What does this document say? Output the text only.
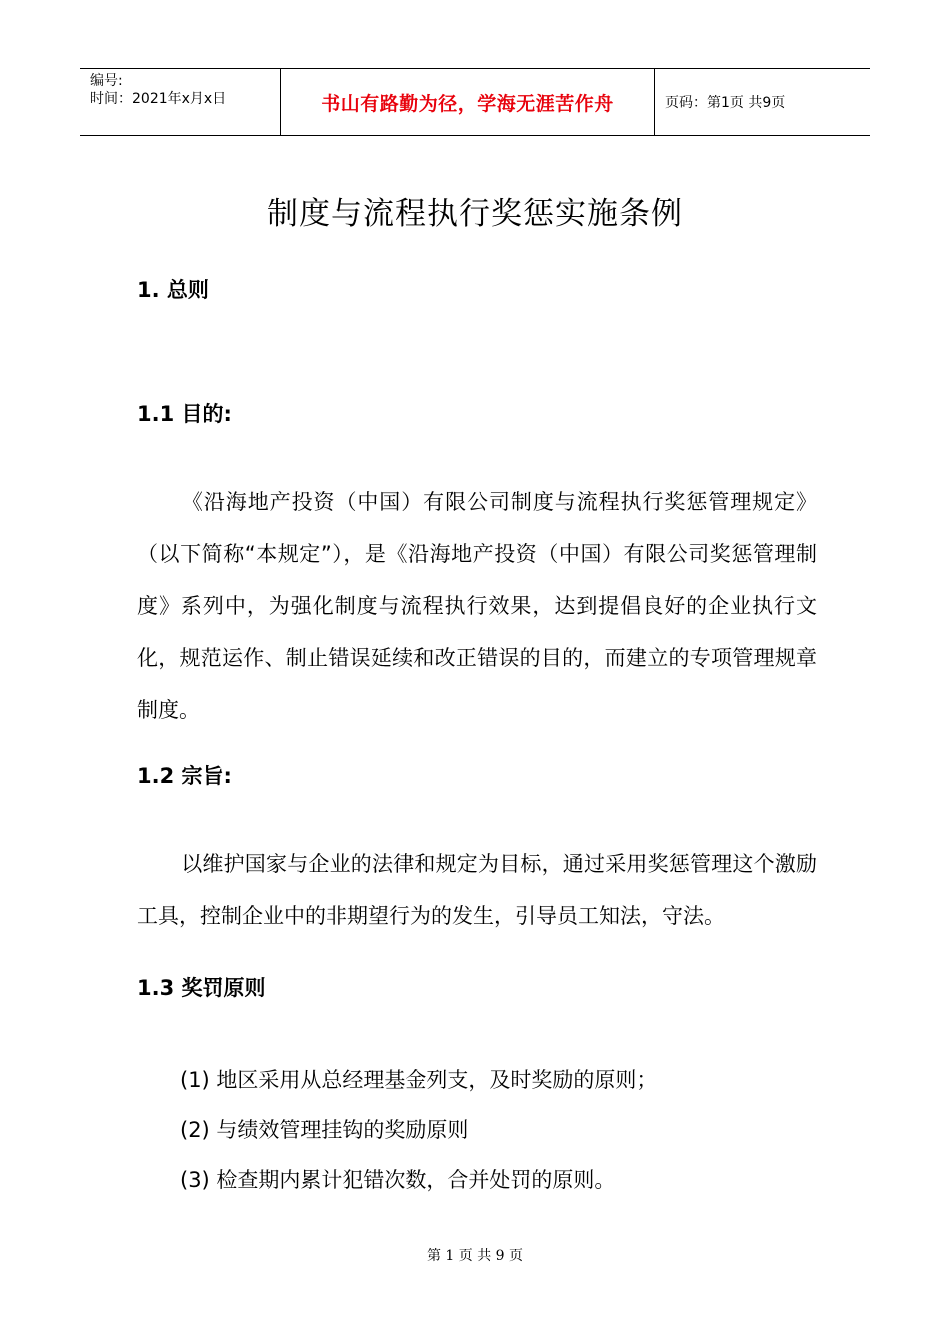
编号:
时间：2021年x月x日	书山有路勤为径，学海无涯苦作舟	页码：第1页 共9页
制度与流程执行奖惩实施条例
1. 总则
1.1 目的:
《沿海地产投资（中国）有限公司制度与流程执行奖惩管理规定》（以下简称“本规定”），是《沿海地产投资（中国）有限公司奖惩管理制度》系列中，为强化制度与流程执行效果，达到提倡良好的企业执行文化，规范运作、制止错误延续和改正错误的目的，而建立的专项管理规章制度。
1.2 宗旨:
以维护国家与企业的法律和规定为目标，通过采用奖惩管理这个激励工具，控制企业中的非期望行为的发生，引导员工知法，守法。
1.3 奖罚原则
(1) 地区采用从总经理基金列支，及时奖励的原则；
(2) 与绩效管理挂钩的奖励原则
(3) 检查期内累计犯错次数，合并处罚的原则。
第 1 页 共 9 页
